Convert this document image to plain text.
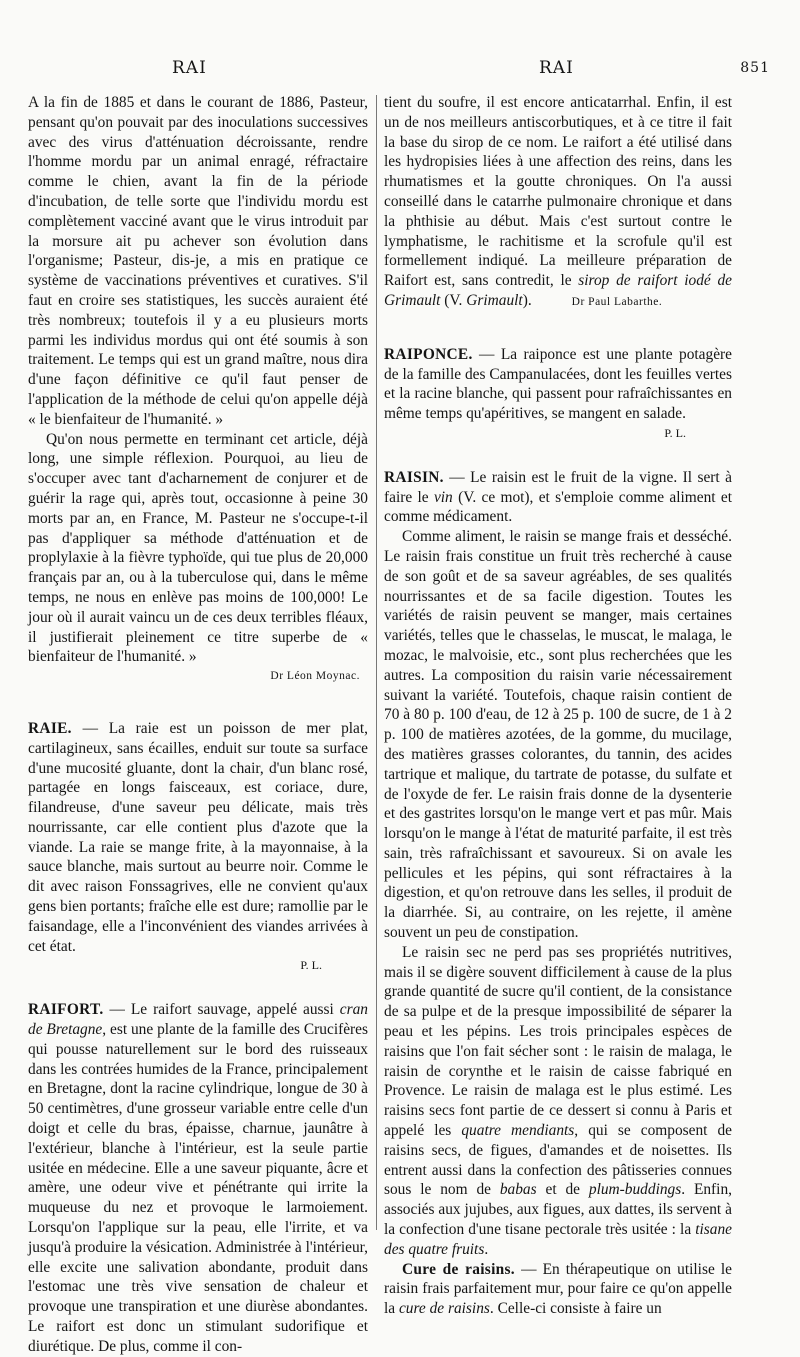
RAI	RAI	851

A la fin de 1885 et dans le courant de 1886, Pasteur, pensant qu'on pouvait par des inoculations successives avec des virus d'atténuation décroissante, rendre l'homme mordu par un animal enragé, réfractaire comme le chien, avant la fin de la période d'incubation, de telle sorte que l'individu mordu est complètement vacciné avant que le virus introduit par la morsure ait pu achever son évolution dans l'organisme; Pasteur, dis-je, a mis en pratique ce système de vaccinations préventives et curatives. S'il faut en croire ses statistiques, les succès auraient été très nombreux; toutefois il y a eu plusieurs morts parmi les individus mordus qui ont été soumis à son traitement. Le temps qui est un grand maître, nous dira d'une façon définitive ce qu'il faut penser de l'application de la méthode de celui qu'on appelle déjà « le bienfaiteur de l'humanité. »

Qu'on nous permette en terminant cet article, déjà long, une simple réflexion. Pourquoi, au lieu de s'occuper avec tant d'acharnement de conjurer et de guérir la rage qui, après tout, occasionne à peine 30 morts par an, en France, M. Pasteur ne s'occupe-t-il pas d'appliquer sa méthode d'atténuation et de proplylaxie à la fièvre typhoïde, qui tue plus de 20,000 français par an, ou à la tuberculose qui, dans le même temps, ne nous en enlève pas moins de 100,000! Le jour où il aurait vaincu un de ces deux terribles fléaux, il justifierait pleinement ce titre superbe de « bienfaiteur de l'humanité. »

Dr Léon Moynac.

RAIE. — La raie est un poisson de mer plat, cartilagineux, sans écailles, enduit sur toute sa surface d'une mucosité gluante, dont la chair, d'un blanc rosé, partagée en longs faisceaux, est coriace, dure, filandreuse, d'une saveur peu délicate, mais très nourrissante, car elle contient plus d'azote que la viande. La raie se mange frite, à la mayonnaise, à la sauce blanche, mais surtout au beurre noir. Comme le dit avec raison Fonssagrives, elle ne convient qu'aux gens bien portants; fraîche elle est dure; ramollie par le faisandage, elle a l'inconvénient des viandes arrivées à cet état.

P. L.

RAIFORT. — Le raifort sauvage, appelé aussi cran de Bretagne, est une plante de la famille des Crucifères qui pousse naturellement sur le bord des ruisseaux dans les contrées humides de la France, principalement en Bretagne, dont la racine cylindrique, longue de 30 à 50 centimètres, d'une grosseur variable entre celle d'un doigt et celle du bras, épaisse, charnue, jaunâtre à l'extérieur, blanche à l'intérieur, est la seule partie usitée en médecine. Elle a une saveur piquante, âcre et amère, une odeur vive et pénétrante qui irrite la muqueuse du nez et provoque le larmoiement. Lorsqu'on l'applique sur la peau, elle l'irrite, et va jusqu'à produire la vésication. Administrée à l'intérieur, elle excite une salivation abondante, produit dans l'estomac une très vive sensation de chaleur et provoque une transpiration et une diurèse abondantes. Le raifort est donc un stimulant sudorifique et diurétique. De plus, comme il con-

tient du soufre, il est encore anticatarrhal. Enfin, il est un de nos meilleurs antiscorbutiques, et à ce titre il fait la base du sirop de ce nom. Le raifort a été utilisé dans les hydropisies liées à une affection des reins, dans les rhumatismes et la goutte chroniques. On l'a aussi conseillé dans le catarrhe pulmonaire chronique et dans la phthisie au début. Mais c'est surtout contre le lymphatisme, le rachitisme et la scrofule qu'il est formellement indiqué. La meilleure préparation de Raifort est, sans contredit, le sirop de raifort iodé de Grimault (V. Grimault).	Dr Paul Labarthe.

RAIPONCE. — La raiponce est une plante potagère de la famille des Campanulacées, dont les feuilles vertes et la racine blanche, qui passent pour rafraîchissantes en même temps qu'apéritives, se mangent en salade.

P. L.

RAISIN. — Le raisin est le fruit de la vigne. Il sert à faire le vin (V. ce mot), et s'emploie comme aliment et comme médicament.

Comme aliment, le raisin se mange frais et desséché. Le raisin frais constitue un fruit très recherché à cause de son goût et de sa saveur agréables, de ses qualités nourrissantes et de sa facile digestion. Toutes les variétés de raisin peuvent se manger, mais certaines variétés, telles que le chasselas, le muscat, le malaga, le mozac, le malvoisie, etc., sont plus recherchées que les autres. La composition du raisin varie nécessairement suivant la variété. Toutefois, chaque raisin contient de 70 à 80 p. 100 d'eau, de 12 à 25 p. 100 de sucre, de 1 à 2 p. 100 de matières azotées, de la gomme, du mucilage, des matières grasses colorantes, du tannin, des acides tartrique et malique, du tartrate de potasse, du sulfate et de l'oxyde de fer. Le raisin frais donne de la dysenterie et des gastrites lorsqu'on le mange vert et pas mûr. Mais lorsqu'on le mange à l'état de maturité parfaite, il est très sain, très rafraîchissant et savoureux. Si on avale les pellicules et les pépins, qui sont réfractaires à la digestion, et qu'on retrouve dans les selles, il produit de la diarrhée. Si, au contraire, on les rejette, il amène souvent un peu de constipation.

Le raisin sec ne perd pas ses propriétés nutritives, mais il se digère souvent difficilement à cause de la plus grande quantité de sucre qu'il contient, de la consistance de sa pulpe et de la presque impossibilité de séparer la peau et les pépins. Les trois principales espèces de raisins que l'on fait sécher sont : le raisin de malaga, le raisin de corynthe et le raisin de caisse fabriqué en Provence. Le raisin de malaga est le plus estimé. Les raisins secs font partie de ce dessert si connu à Paris et appelé les quatre mendiants, qui se composent de raisins secs, de figues, d'amandes et de noisettes. Ils entrent aussi dans la confection des pâtisseries connues sous le nom de babas et de plum-buddings. Enfin, associés aux jujubes, aux figues, aux dattes, ils servent à la confection d'une tisane pectorale très usitée : la tisane des quatre fruits.

Cure de raisins. — En thérapeutique on utilise le raisin frais parfaitement mur, pour faire ce qu'on appelle la cure de raisins. Celle-ci consiste à faire un
